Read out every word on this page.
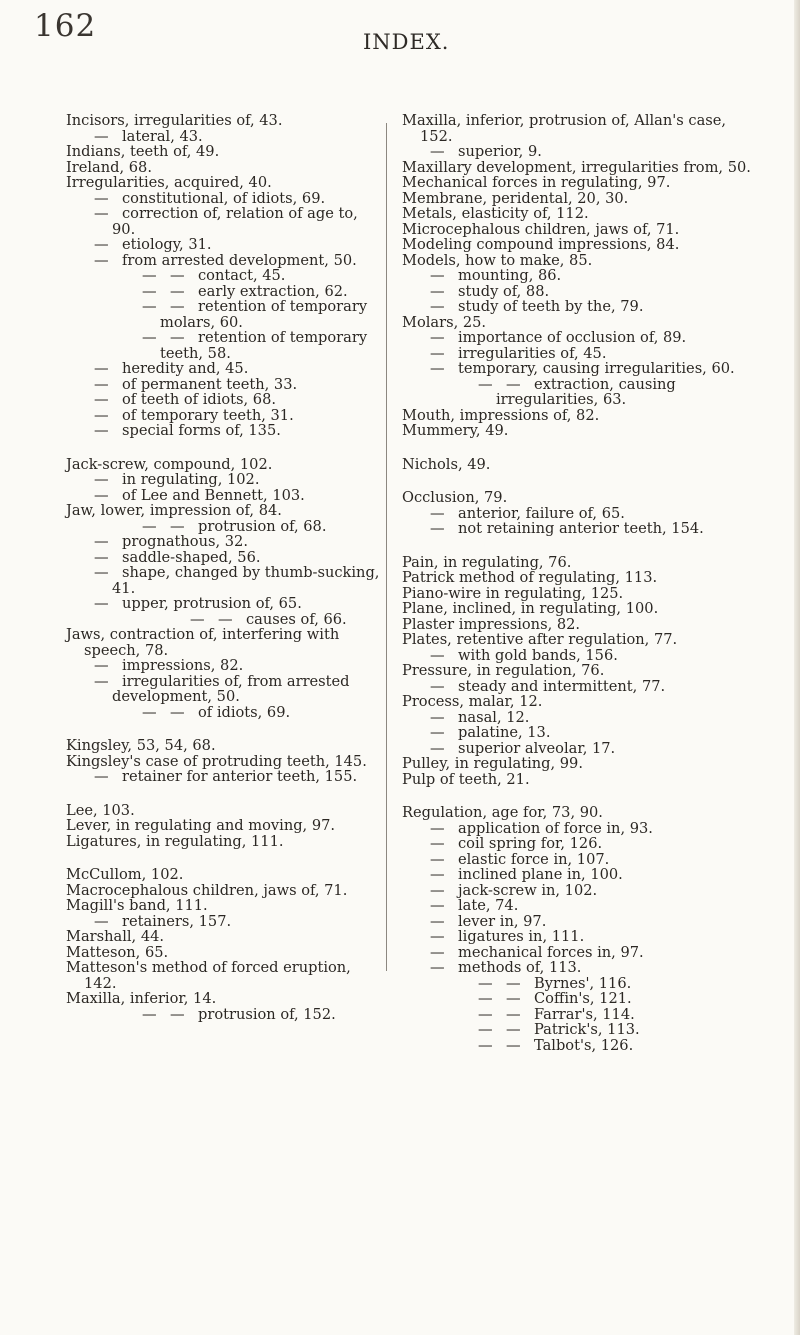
162	INDEX.

Incisors, irregularities of, 43.

— lateral, 43.

Indians, teeth of, 49.

Ireland, 68.

Irregularities, acquired, 40.

— constitutional, of idiots, 69.

— correction of, relation of age to, 90.

— etiology, 31.

— from arrested development, 50.

— — contact, 45.

— — early extraction, 62.

— — retention of temporary molars, 60.

— — retention of temporary teeth, 58.

— heredity and, 45.

— of permanent teeth, 33.

— of teeth of idiots, 68.

— of temporary teeth, 31.

— special forms of, 135.

Jack-screw, compound, 102.

— in regulating, 102.

— of Lee and Bennett, 103.

Jaw, lower, impression of, 84.

— — protrusion of, 68.

— prognathous, 32.

— saddle-shaped, 56.

— shape, changed by thumb-sucking, 41.

— upper, protrusion of, 65.

— — causes of, 66.

Jaws, contraction of, interfering with speech, 78.

— impressions, 82.

— irregularities of, from arrested development, 50.

— — of idiots, 69.

Kingsley, 53, 54, 68.

Kingsley's case of protruding teeth, 145.

— retainer for anterior teeth, 155.

Lee, 103.

Lever, in regulating and moving, 97.

Ligatures, in regulating, 111.

McCullom, 102.

Macrocephalous children, jaws of, 71.

Magill's band, 111.

— retainers, 157.

Marshall, 44.

Matteson, 65.

Matteson's method of forced eruption, 142.

Maxilla, inferior, 14.

— — protrusion of, 152.

Maxilla, inferior, protrusion of, Allan's case, 152.

— superior, 9.

Maxillary development, irregularities from, 50.

Mechanical forces in regulating, 97.

Membrane, peridental, 20, 30.

Metals, elasticity of, 112.

Microcephalous children, jaws of, 71.

Modeling compound impressions, 84.

Models, how to make, 85.

— mounting, 86.

— study of, 88.

— study of teeth by the, 79.

Molars, 25.

— importance of occlusion of, 89.

— irregularities of, 45.

— temporary, causing irregularities, 60.

— — extraction, causing irregularities, 63.

Mouth, impressions of, 82.

Mummery, 49.

Nichols, 49.

Occlusion, 79.

— anterior, failure of, 65.

— not retaining anterior teeth, 154.

Pain, in regulating, 76.

Patrick method of regulating, 113.

Piano-wire in regulating, 125.

Plane, inclined, in regulating, 100.

Plaster impressions, 82.

Plates, retentive after regulation, 77.

— with gold bands, 156.

Pressure, in regulation, 76.

— steady and intermittent, 77.

Process, malar, 12.

— nasal, 12.

— palatine, 13.

— superior alveolar, 17.

Pulley, in regulating, 99.

Pulp of teeth, 21.

Regulation, age for, 73, 90.

— application of force in, 93.

— coil spring for, 126.

— elastic force in, 107.

— inclined plane in, 100.

— jack-screw in, 102.

— late, 74.

— lever in, 97.

— ligatures in, 111.

— mechanical forces in, 97.

— methods of, 113.

— — Byrnes', 116.

— — Coffin's, 121.

— — Farrar's, 114.

— — Patrick's, 113.

— — Talbot's, 126.
